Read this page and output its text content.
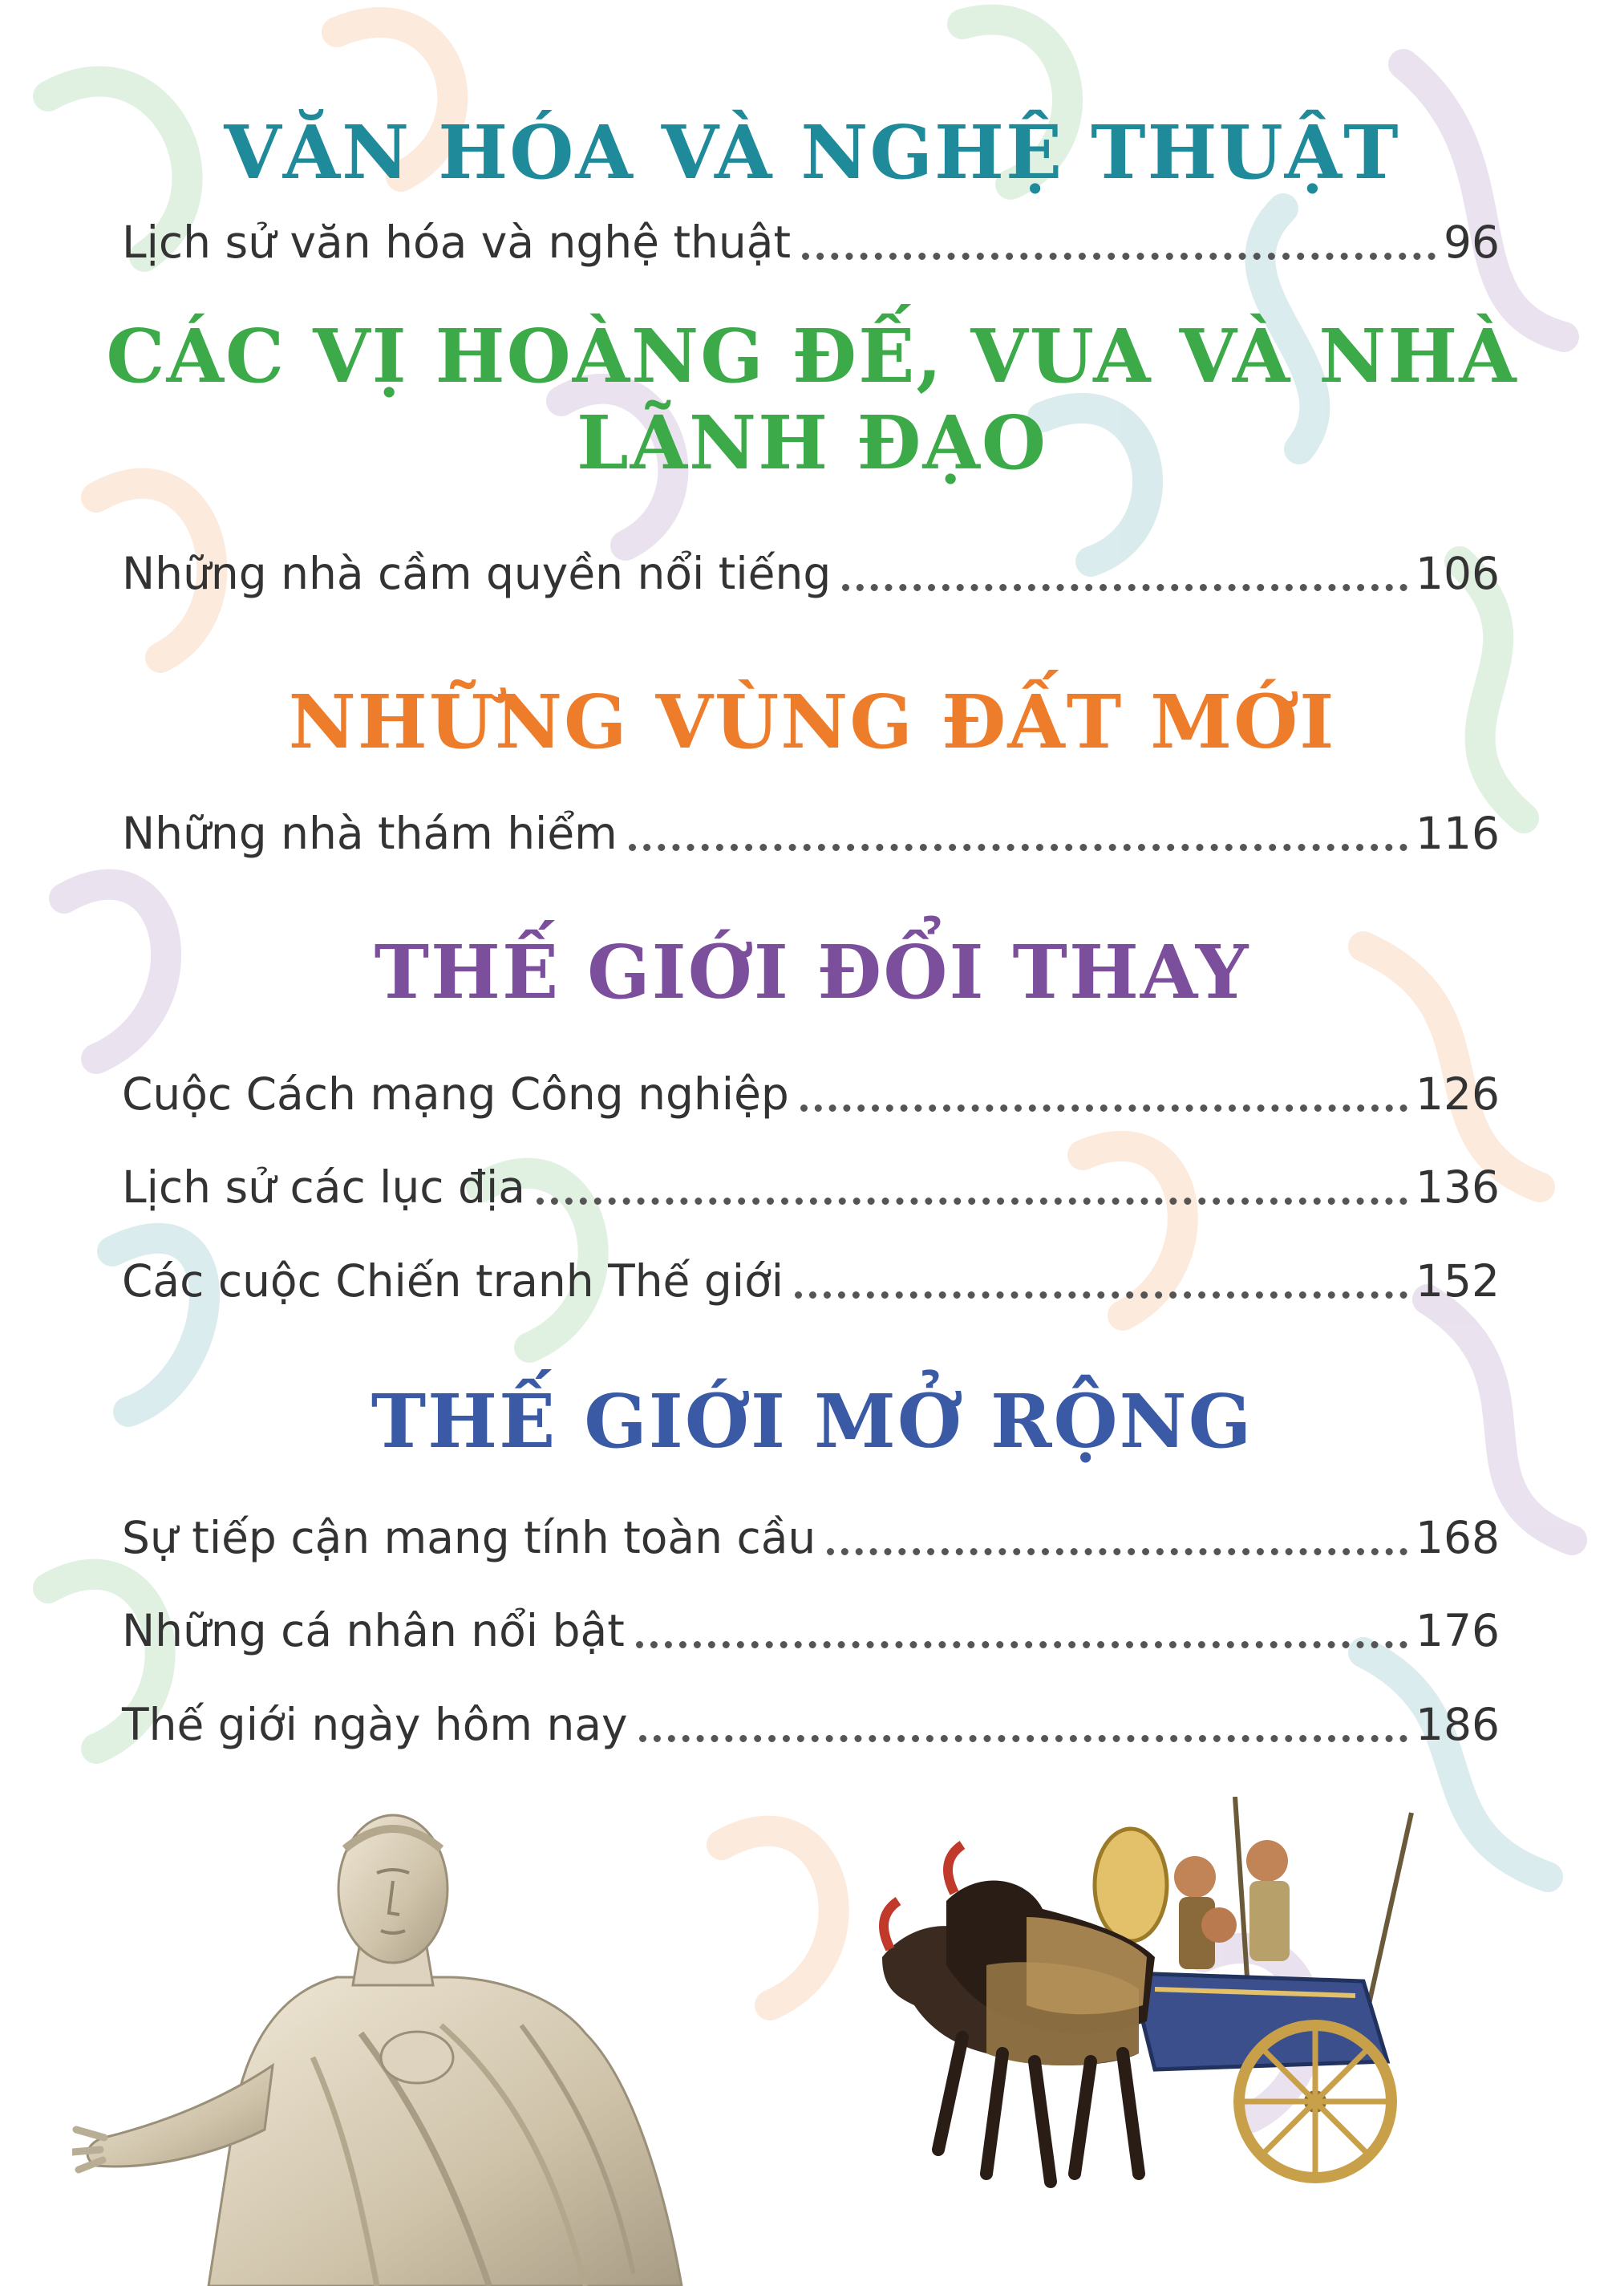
VĂN HÓA VÀ NGHỆ THUẬT
Lịch sử văn hóa và nghệ thuật	96
CÁC VỊ HOÀNG ĐẾ, VUA VÀ NHÀ
LÃNH ĐẠO
Những nhà cầm quyền nổi tiếng	106
NHỮNG VÙNG ĐẤT MỚI
Những nhà thám hiểm	116
THẾ GIỚI ĐỔI THAY
Cuộc Cách mạng Công nghiệp	126
Lịch sử các lục địa	136
Các cuộc Chiến tranh Thế giới	152
THẾ GIỚI MỞ RỘNG
Sự tiếp cận mang tính toàn cầu	168
Những cá nhân nổi bật	176
Thế giới ngày hôm nay	186
